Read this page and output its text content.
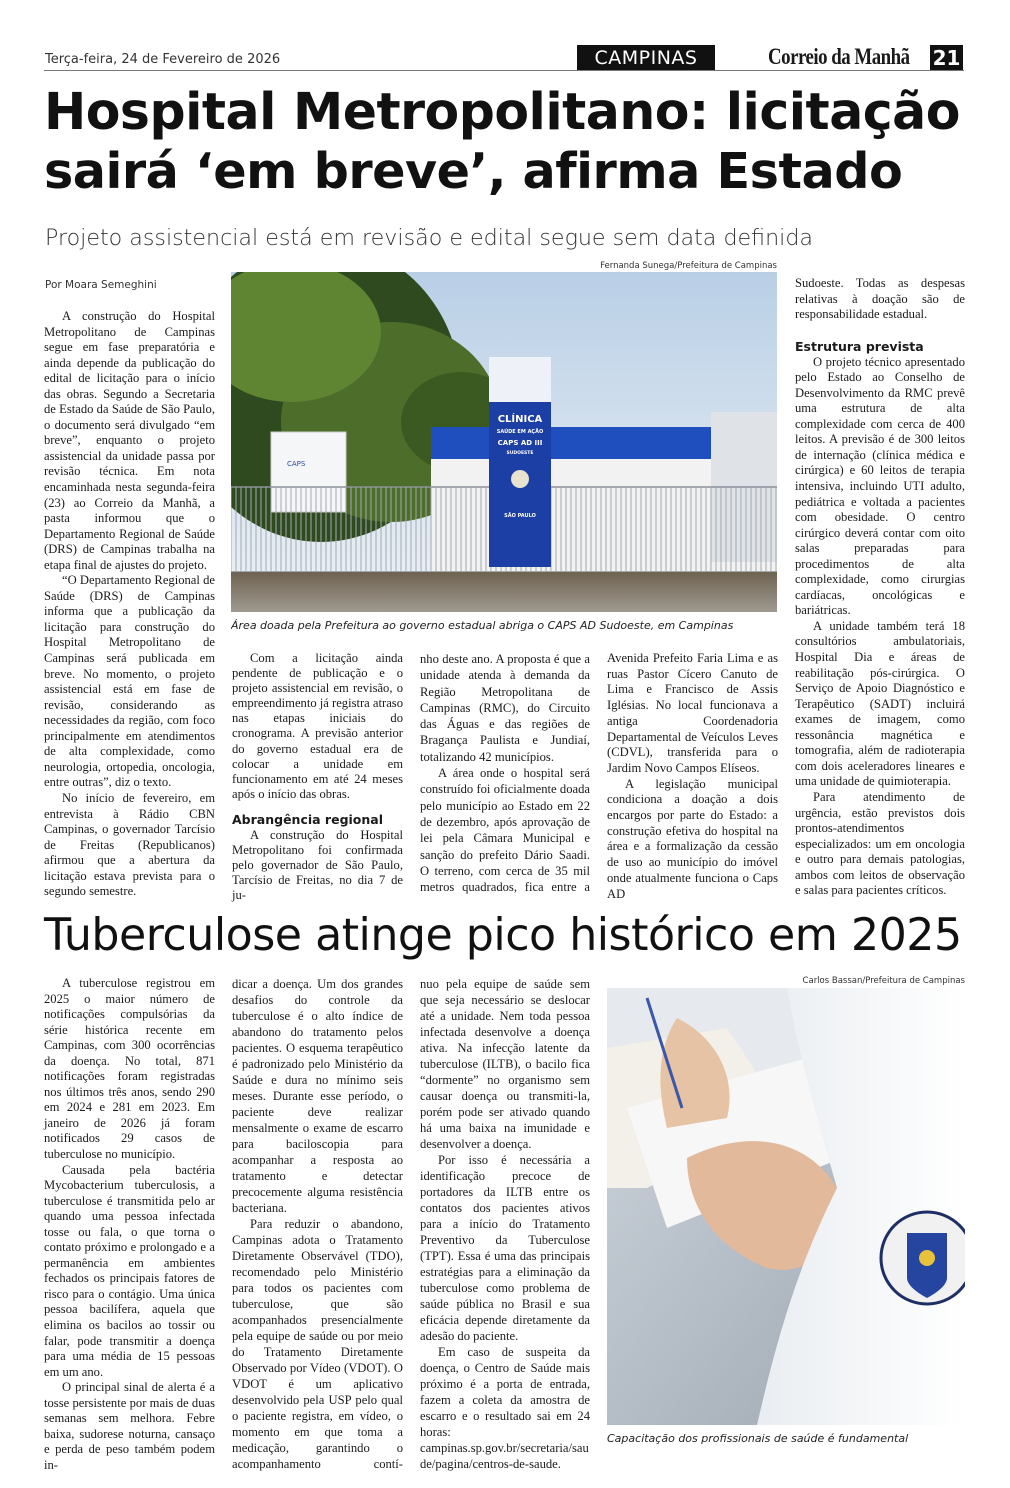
Terça-feira, 24 de Fevereiro de 2026	CAMPINAS	Correio da Manhã 21
Hospital Metropolitano: licitação
sairá ‘em breve’, afirma Estado
Projeto assistencial está em revisão e edital segue sem data definida
Por Moara Semeghini

A construção do Hospital Metropolitano de Campinas segue em fase preparatória e ainda depende da publicação do edital de licitação para o início das obras. Segundo a Secretaria de Estado da Saúde de São Paulo, o documento será divulgado “em breve”, enquanto o projeto assistencial da unidade passa por revisão técnica. Em nota encaminhada nesta segunda-feira (23) ao Correio da Manhã, a pasta informou que o Departamento Regional de Saúde (DRS) de Campinas trabalha na etapa final de ajustes do projeto.

“O Departamento Regional de Saúde (DRS) de Campinas informa que a publicação da licitação para construção do Hospital Metropolitano de Campinas será publicada em breve. No momento, o projeto assistencial está em fase de revisão, considerando as necessidades da região, com foco principalmente em atendimentos de alta complexidade, como neurologia, ortopedia, oncologia, entre outras”, diz o texto.

No início de fevereiro, em entrevista à Rádio CBN Campinas, o governador Tarcísio de Freitas (Republicanos) afirmou que a abertura da licitação estava prevista para o segundo semestre.

Fernanda Sunega/Prefeitura de Campinas
CAPS
CLÍNICA
SAÚDE EM AÇÃO
CAPS AD III
SUDOESTE
SÃO PAULO
Área doada pela Prefeitura ao governo estadual abriga o CAPS AD Sudoeste, em Campinas

Com a licitação ainda pendente de publicação e o projeto assistencial em revisão, o empreendimento já registra atraso nas etapas iniciais do cronograma. A previsão anterior do governo estadual era de colocar a unidade em funcionamento em até 24 meses após o início das obras.

Abrangência regional

A construção do Hospital Metropolitano foi confirmada pelo governador de São Paulo, Tarcísio de Freitas, no dia 7 de ju-

nho deste ano. A proposta é que a unidade atenda à demanda da Região Metropolitana de Campinas (RMC), do Circuito das Águas e das regiões de Bragança Paulista e Jundiaí, totalizando 42 municípios.

A área onde o hospital será construído foi oficialmente doada pelo município ao Estado em 22 de dezembro, após aprovação de lei pela Câmara Municipal e sanção do prefeito Dário Saadi. O terreno, com cerca de 35 mil metros quadrados, fica entre a

Avenida Prefeito Faria Lima e as ruas Pastor Cícero Canuto de Lima e Francisco de Assis Iglésias. No local funcionava a antiga Coordenadoria Departamental de Veículos Leves (CDVL), transferida para o Jardim Novo Campos Elíseos.

A legislação municipal condiciona a doação a dois encargos por parte do Estado: a construção efetiva do hospital na área e a formalização da cessão de uso ao município do imóvel onde atualmente funciona o Caps AD

Sudoeste. Todas as despesas relativas à doação são de responsabilidade estadual.

Estrutura prevista

O projeto técnico apresentado pelo Estado ao Conselho de Desenvolvimento da RMC prevê uma estrutura de alta complexidade com cerca de 400 leitos. A previsão é de 300 leitos de internação (clínica médica e cirúrgica) e 60 leitos de terapia intensiva, incluindo UTI adulto, pediátrica e voltada a pacientes com obesidade. O centro cirúrgico deverá contar com oito salas preparadas para procedimentos de alta complexidade, como cirurgias cardíacas, oncológicas e bariátricas.

A unidade também terá 18 consultórios ambulatoriais, Hospital Dia e áreas de reabilitação pós-cirúrgica. O Serviço de Apoio Diagnóstico e Terapêutico (SADT) incluirá exames de imagem, como ressonância magnética e tomografia, além de radioterapia com dois aceleradores lineares e uma unidade de quimioterapia.

Para atendimento de urgência, estão previstos dois prontos-atendimentos especializados: um em oncologia e outro para demais patologias, ambos com leitos de observação e salas para pacientes críticos.

Tuberculose atinge pico histórico em 2025

A tuberculose registrou em 2025 o maior número de notificações compulsórias da série histórica recente em Campinas, com 300 ocorrências da doença. No total, 871 notificações foram registradas nos últimos três anos, sendo 290 em 2024 e 281 em 2023. Em janeiro de 2026 já foram notificados 29 casos de tuberculose no município.

Causada pela bactéria Mycobacterium tuberculosis, a tuberculose é transmitida pelo ar quando uma pessoa infectada tosse ou fala, o que torna o contato próximo e prolongado e a permanência em ambientes fechados os principais fatores de risco para o contágio. Uma única pessoa bacilífera, aquela que elimina os bacilos ao tossir ou falar, pode transmitir a doença para uma média de 15 pessoas em um ano.

O principal sinal de alerta é a tosse persistente por mais de duas semanas sem melhora. Febre baixa, sudorese noturna, cansaço e perda de peso também podem in-

dicar a doença. Um dos grandes desafios do controle da tuberculose é o alto índice de abandono do tratamento pelos pacientes. O esquema terapêutico é padronizado pelo Ministério da Saúde e dura no mínimo seis meses. Durante esse período, o paciente deve realizar mensalmente o exame de escarro para baciloscopia para acompanhar a resposta ao tratamento e detectar precocemente alguma resistência bacteriana.

Para reduzir o abandono, Campinas adota o Tratamento Diretamente Observável (TDO), recomendado pelo Ministério para todos os pacientes com tuberculose, que são acompanhados presencialmente pela equipe de saúde ou por meio do Tratamento Diretamente Observado por Vídeo (VDOT). O VDOT é um aplicativo desenvolvido pela USP pelo qual o paciente registra, em vídeo, o momento em que toma a medicação, garantindo o acompanhamento contí-

nuo pela equipe de saúde sem que seja necessário se deslocar até a unidade. Nem toda pessoa infectada desenvolve a doença ativa. Na infecção latente da tuberculose (ILTB), o bacilo fica “dormente” no organismo sem causar doença ou transmiti-la, porém pode ser ativado quando há uma baixa na imunidade e desenvolver a doença.

Por isso é necessária a identificação precoce de portadores da ILTB entre os contatos dos pacientes ativos para a início do Tratamento Preventivo da Tuberculose (TPT). Essa é uma das principais estratégias para a eliminação da tuberculose como problema de saúde pública no Brasil e sua eficácia depende diretamente da adesão do paciente.

Em caso de suspeita da doença, o Centro de Saúde mais próximo é a porta de entrada, fazem a coleta da amostra de escarro e o resultado sai em 24 horas: campinas.sp.gov.br/secretaria/saude/pagina/centros-de-saude.

Carlos Bassan/Prefeitura de Campinas
Capacitação dos profissionais de saúde é fundamental
